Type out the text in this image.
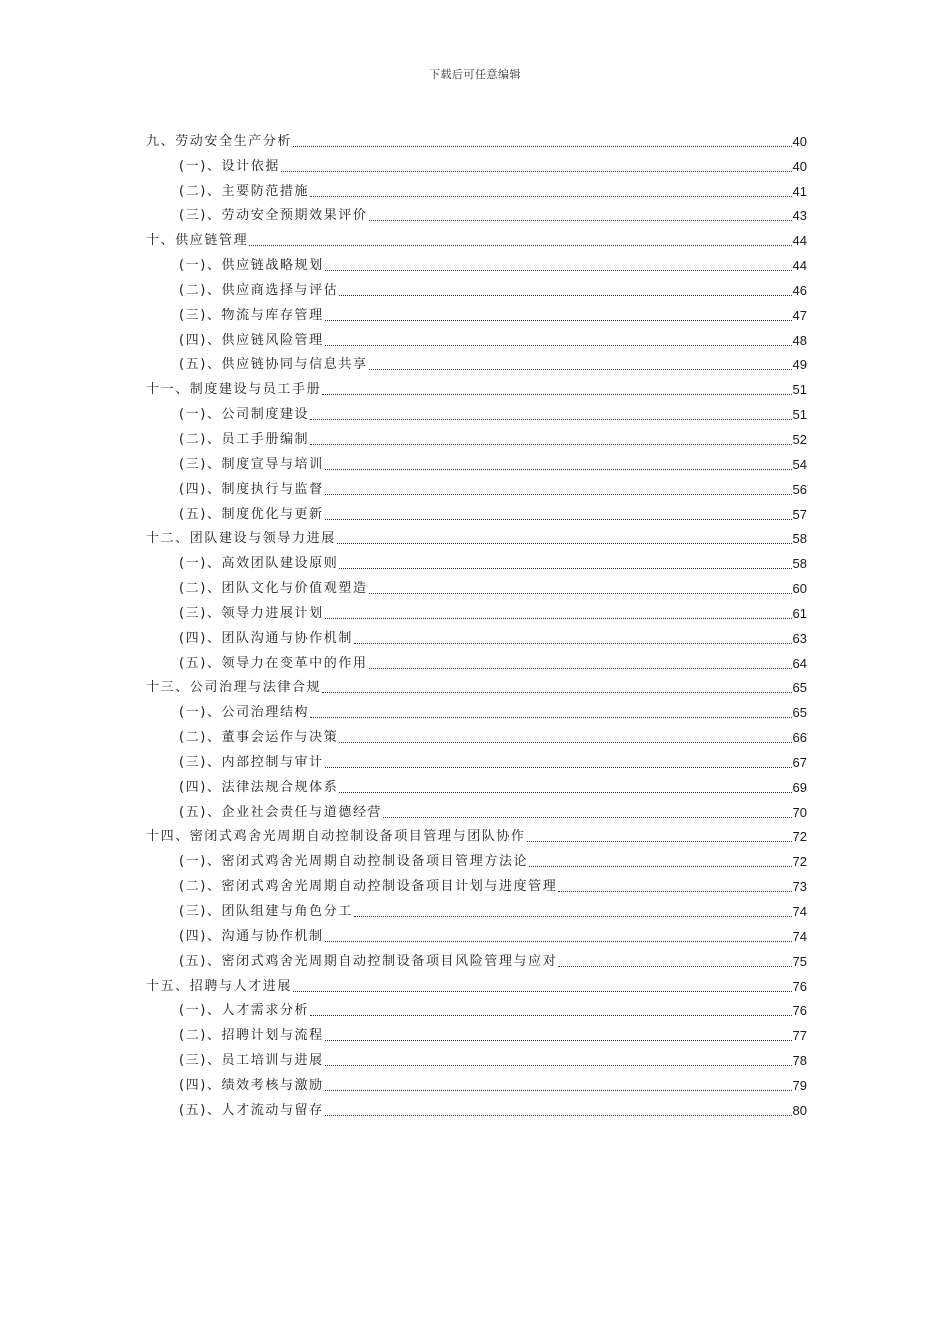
下载后可任意编辑
九、劳动安全生产分析	40
(一)、设计依据	40
(二)、主要防范措施	41
(三)、劳动安全预期效果评价	43
十、供应链管理	44
(一)、供应链战略规划	44
(二)、供应商选择与评估	46
(三)、物流与库存管理	47
(四)、供应链风险管理	48
(五)、供应链协同与信息共享	49
十一、制度建设与员工手册	51
(一)、公司制度建设	51
(二)、员工手册编制	52
(三)、制度宣导与培训	54
(四)、制度执行与监督	56
(五)、制度优化与更新	57
十二、团队建设与领导力进展	58
(一)、高效团队建设原则	58
(二)、团队文化与价值观塑造	60
(三)、领导力进展计划	61
(四)、团队沟通与协作机制	63
(五)、领导力在变革中的作用	64
十三、公司治理与法律合规	65
(一)、公司治理结构	65
(二)、董事会运作与决策	66
(三)、内部控制与审计	67
(四)、法律法规合规体系	69
(五)、企业社会责任与道德经营	70
十四、密闭式鸡舍光周期自动控制设备项目管理与团队协作	72
(一)、密闭式鸡舍光周期自动控制设备项目管理方法论	72
(二)、密闭式鸡舍光周期自动控制设备项目计划与进度管理	73
(三)、团队组建与角色分工	74
(四)、沟通与协作机制	74
(五)、密闭式鸡舍光周期自动控制设备项目风险管理与应对	75
十五、招聘与人才进展	76
(一)、人才需求分析	76
(二)、招聘计划与流程	77
(三)、员工培训与进展	78
(四)、绩效考核与激励	79
(五)、人才流动与留存	80
